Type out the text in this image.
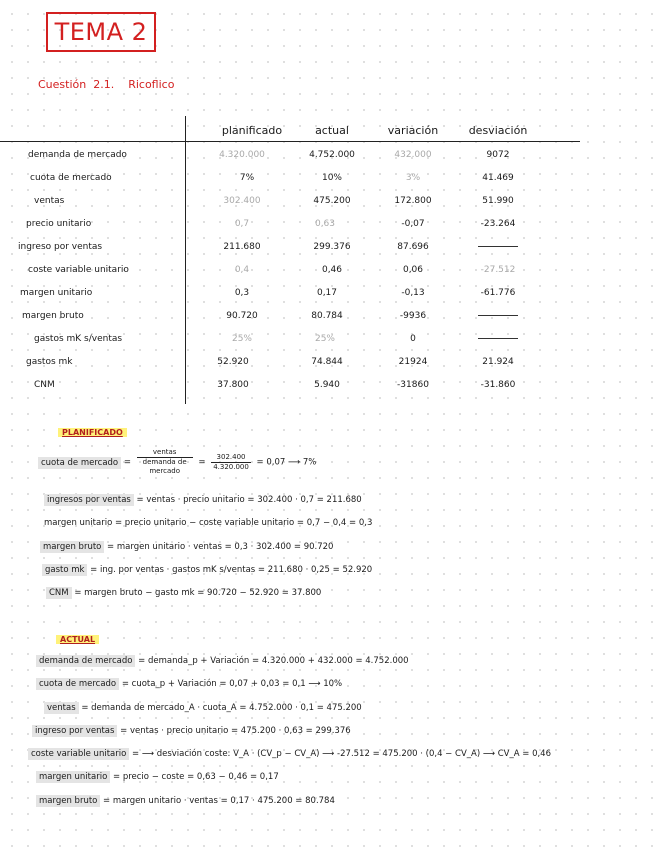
TEMA 2
Cuestión  2.1.    Ricoflico
planificado	actual	variación	desviación
demanda de mercado	4.320.000	4.752.000	432.000	9072
cuota de mercado	7%	10%	3%	41.469
ventas	302.400	475.200	172.800	51.990
precio unitario	0,7	0,63	-0,07	-23.264
ingreso por ventas	211.680	299.376	87.696
coste variable unitario	0,4	0,46	0,06	-27.512
margen unitario	0,3	0,17	-0,13	-61.776
margen bruto	90.720	80.784	-9936
gastos mK s/ventas	25%	25%	0
gastos mk	52.920	74.844	21924	21.924
CNM	37.800	5.940	-31860	-31.860
PLANIFICADO
cuota de mercado = $\frac{\text{ventas}}{\text{demanda de mercado}} = \frac{302.400}{4.320.000} = 0,07$ ⟶ 7%
ingresos por ventas = ventas · precio unitario = 302.400 · 0,7 = 211.680
margen unitario = precio unitario − coste variable unitario = 0,7 − 0,4 = 0,3
margen bruto = margen unitario · ventas = 0,3 · 302.400 = 90.720
gasto mk = ing. por ventas · gastos mK s/ventas = 211.680 · 0,25 = 52.920
CNM = margen bruto − gasto mk = 90.720 − 52.920 = 37.800
ACTUAL
demanda de mercado = demanda_p + Variación = 4.320.000 + 432.000 = 4.752.000
cuota de mercado = cuota_p + Variación = 0,07 + 0,03 = 0,1 ⟶ 10%
ventas = demanda de mercado_A · cuota_A = 4.752.000 · 0,1 = 475.200
ingreso por ventas = ventas · precio unitario = 475.200 · 0,63 = 299.376
coste variable unitario = ⟶ desviación coste: V_A · (CV_p − CV_A) ⟶ -27.512 = 475.200 · (0,4 − CV_A) ⟶ CV_A = 0,46
margen unitario = precio − coste = 0,63 − 0,46 = 0,17
margen bruto = margen unitario · ventas = 0,17 · 475.200 = 80.784
